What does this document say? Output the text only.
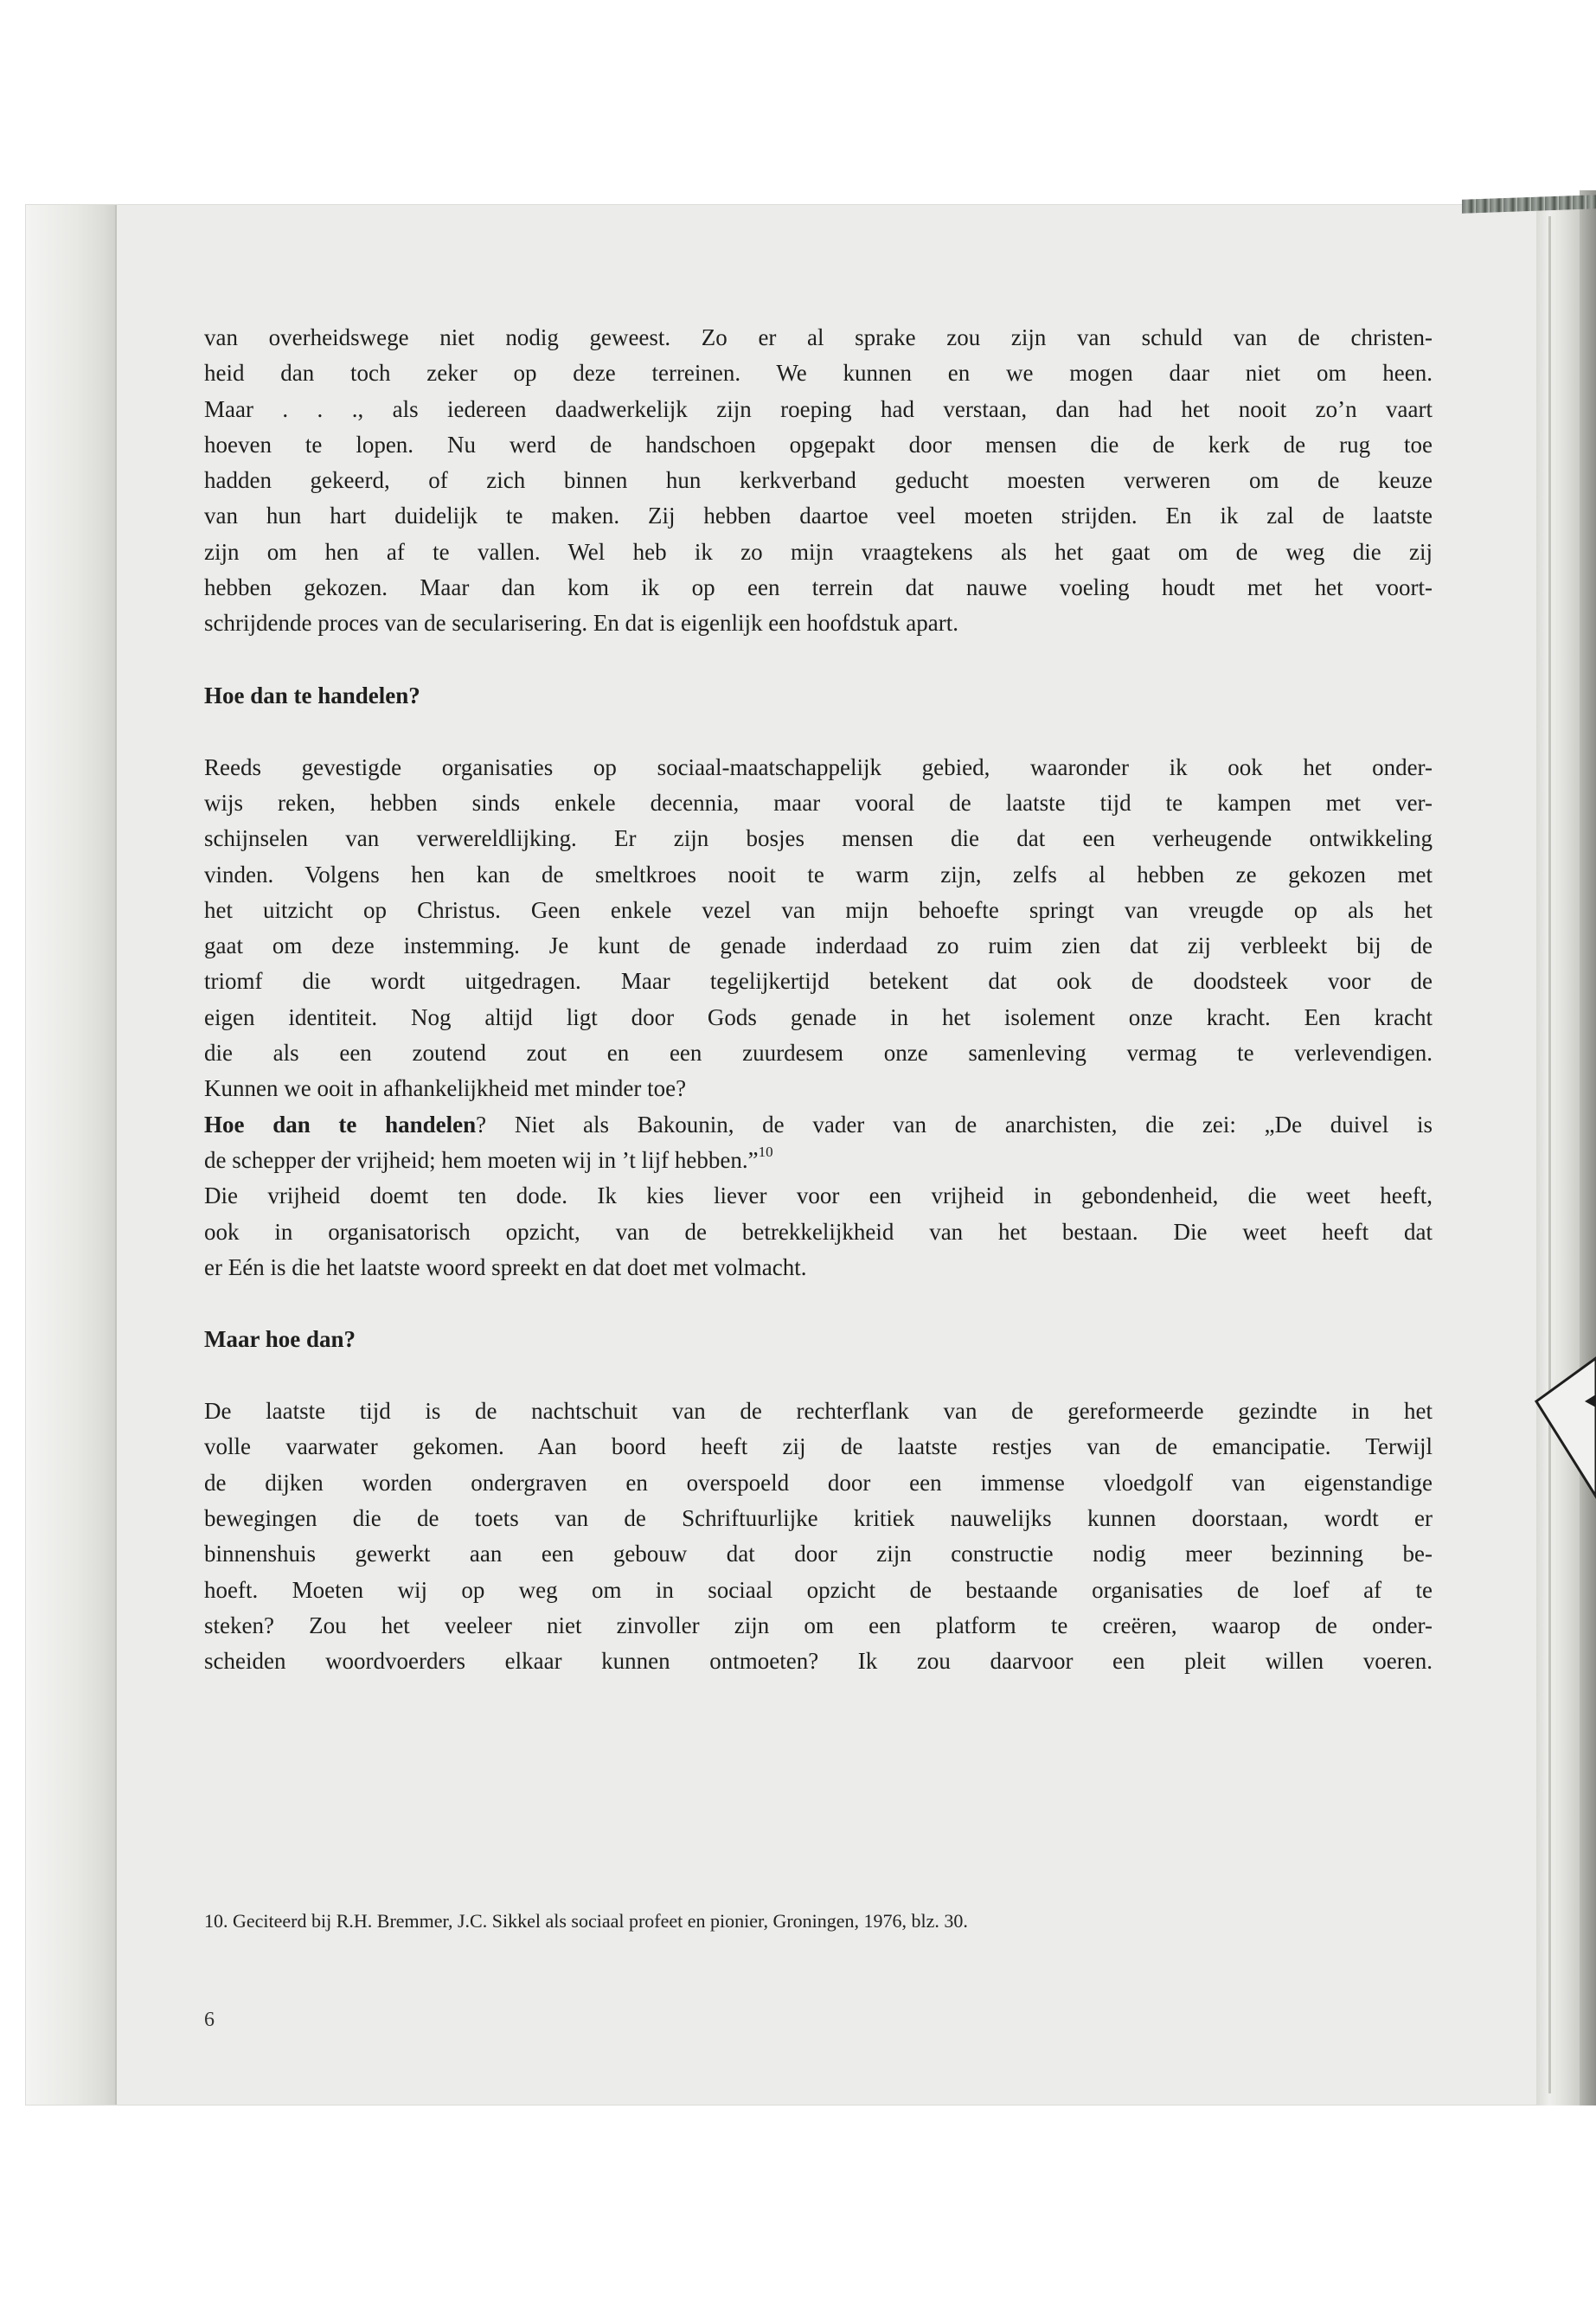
van overheidswege niet nodig geweest. Zo er al sprake zou zijn van schuld van de christen-
heid dan toch zeker op deze terreinen. We kunnen en we mogen daar niet om heen.
Maar . . ., als iedereen daadwerkelijk zijn roeping had verstaan, dan had het nooit zo’n vaart
hoeven te lopen. Nu werd de handschoen opgepakt door mensen die de kerk de rug toe
hadden gekeerd, of zich binnen hun kerkverband geducht moesten verweren om de keuze
van hun hart duidelijk te maken. Zij hebben daartoe veel moeten strijden. En ik zal de laatste
zijn om hen af te vallen. Wel heb ik zo mijn vraagtekens als het gaat om de weg die zij
hebben gekozen. Maar dan kom ik op een terrein dat nauwe voeling houdt met het voort-
schrijdende proces van de secularisering. En dat is eigenlijk een hoofdstuk apart.

Hoe dan te handelen?

Reeds gevestigde organisaties op sociaal-maatschappelijk gebied, waaronder ik ook het onder-
wijs reken, hebben sinds enkele decennia, maar vooral de laatste tijd te kampen met ver-
schijnselen van verwereldlijking. Er zijn bosjes mensen die dat een verheugende ontwikkeling
vinden. Volgens hen kan de smeltkroes nooit te warm zijn, zelfs al hebben ze gekozen met
het uitzicht op Christus. Geen enkele vezel van mijn behoefte springt van vreugde op als het
gaat om deze instemming. Je kunt de genade inderdaad zo ruim zien dat zij verbleekt bij de
triomf die wordt uitgedragen. Maar tegelijkertijd betekent dat ook de doodsteek voor de
eigen identiteit. Nog altijd ligt door Gods genade in het isolement onze kracht. Een kracht
die als een zoutend zout en een zuurdesem onze samenleving vermag te verlevendigen.
Kunnen we ooit in afhankelijkheid met minder toe?

Hoe dan te handelen? Niet als Bakounin, de vader van de anarchisten, die zei: „De duivel is
de schepper der vrijheid; hem moeten wij in ’t lijf hebben.”$^{10}$

Die vrijheid doemt ten dode. Ik kies liever voor een vrijheid in gebondenheid, die weet heeft,
ook in organisatorisch opzicht, van de betrekkelijkheid van het bestaan. Die weet heeft dat
er Eén is die het laatste woord spreekt en dat doet met volmacht.

Maar hoe dan?

De laatste tijd is de nachtschuit van de rechterflank van de gereformeerde gezindte in het
volle vaarwater gekomen. Aan boord heeft zij de laatste restjes van de emancipatie. Terwijl
de dijken worden ondergraven en overspoeld door een immense vloedgolf van eigenstandige
bewegingen die de toets van de Schriftuurlijke kritiek nauwelijks kunnen doorstaan, wordt er
binnenshuis gewerkt aan een gebouw dat door zijn constructie nodig meer bezinning be-
hoeft. Moeten wij op weg om in sociaal opzicht de bestaande organisaties de loef af te
steken? Zou het veeleer niet zinvoller zijn om een platform te creëren, waarop de onder-
scheiden woordvoerders elkaar kunnen ontmoeten? Ik zou daarvoor een pleit willen voeren.

10. Geciteerd bij R.H. Bremmer, J.C. Sikkel als sociaal profeet en pionier, Groningen, 1976, blz. 30.
6
